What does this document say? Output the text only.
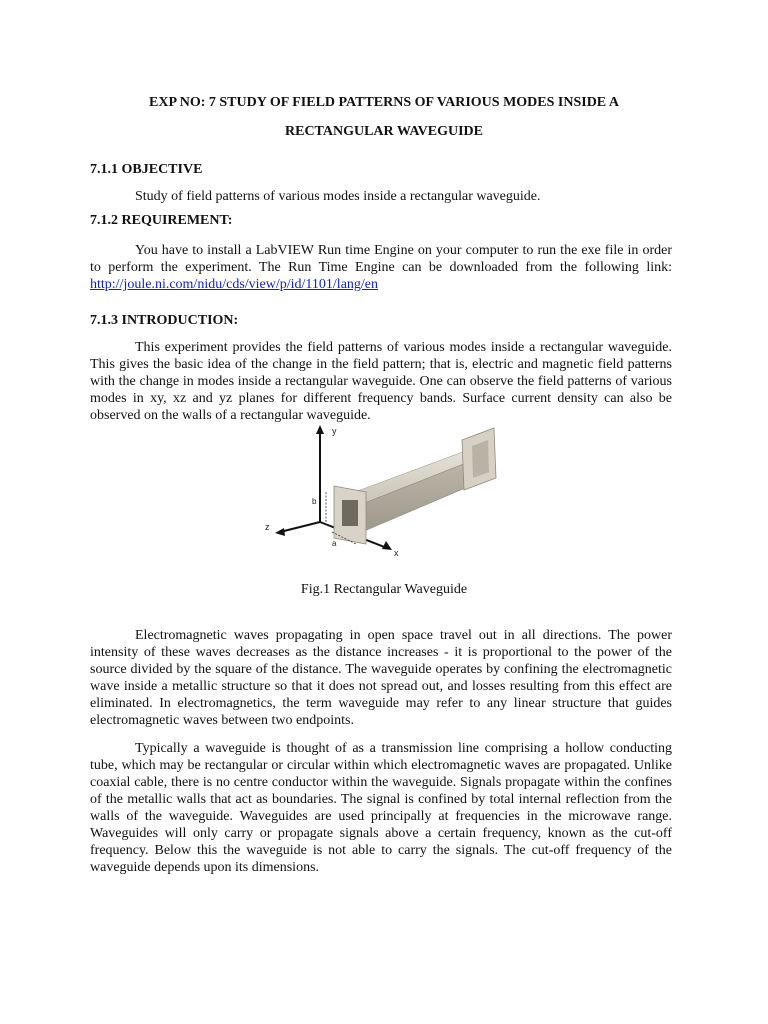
EXP NO: 7 STUDY OF FIELD PATTERNS OF VARIOUS MODES INSIDE A
RECTANGULAR WAVEGUIDE
7.1.1 OBJECTIVE
Study of field patterns of various modes inside a rectangular waveguide.
7.1.2 REQUIREMENT:
You have to install a LabVIEW Run time Engine on your computer to run the exe file in order to perform the experiment. The Run Time Engine can be downloaded from the following link: http://joule.ni.com/nidu/cds/view/p/id/1101/lang/en
7.1.3 INTRODUCTION:
This experiment provides the field patterns of various modes inside a rectangular waveguide. This gives the basic idea of the change in the field pattern; that is, electric and magnetic field patterns with the change in modes inside a rectangular waveguide. One can observe the field patterns of various modes in xy, xz and yz planes for different frequency bands. Surface current density can also be observed on the walls of a rectangular waveguide.
y
z
x
a
b
Fig.1 Rectangular Waveguide
Electromagnetic waves propagating in open space travel out in all directions. The power intensity of these waves decreases as the distance increases - it is proportional to the power of the source divided by the square of the distance. The waveguide operates by confining the electromagnetic wave inside a metallic structure so that it does not spread out, and losses resulting from this effect are eliminated. In electromagnetics, the term waveguide may refer to any linear structure that guides electromagnetic waves between two endpoints.
Typically a waveguide is thought of as a transmission line comprising a hollow conducting tube, which may be rectangular or circular within which electromagnetic waves are propagated. Unlike coaxial cable, there is no centre conductor within the waveguide. Signals propagate within the confines of the metallic walls that act as boundaries. The signal is confined by total internal reflection from the walls of the waveguide. Waveguides are used principally at frequencies in the microwave range. Waveguides will only carry or propagate signals above a certain frequency, known as the cut-off frequency. Below this the waveguide is not able to carry the signals. The cut-off frequency of the waveguide depends upon its dimensions.
